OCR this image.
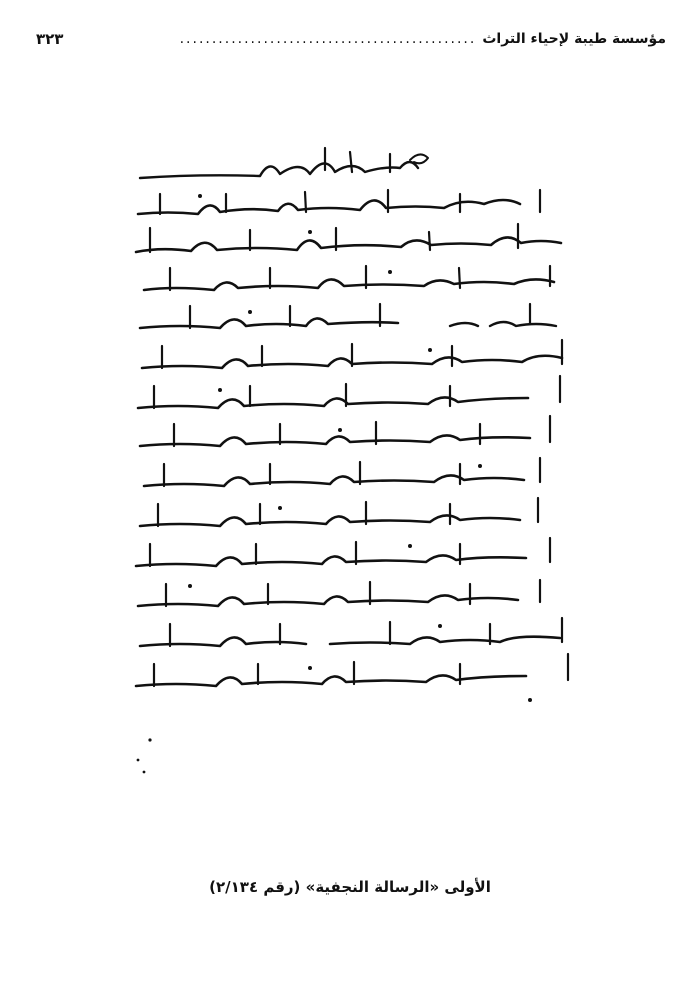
مؤسسة طيبة لإحياء التراث
..............................................
٣٢٣
الأولى «الرسالة النجفية» (رقم ٢/١٣٤)
